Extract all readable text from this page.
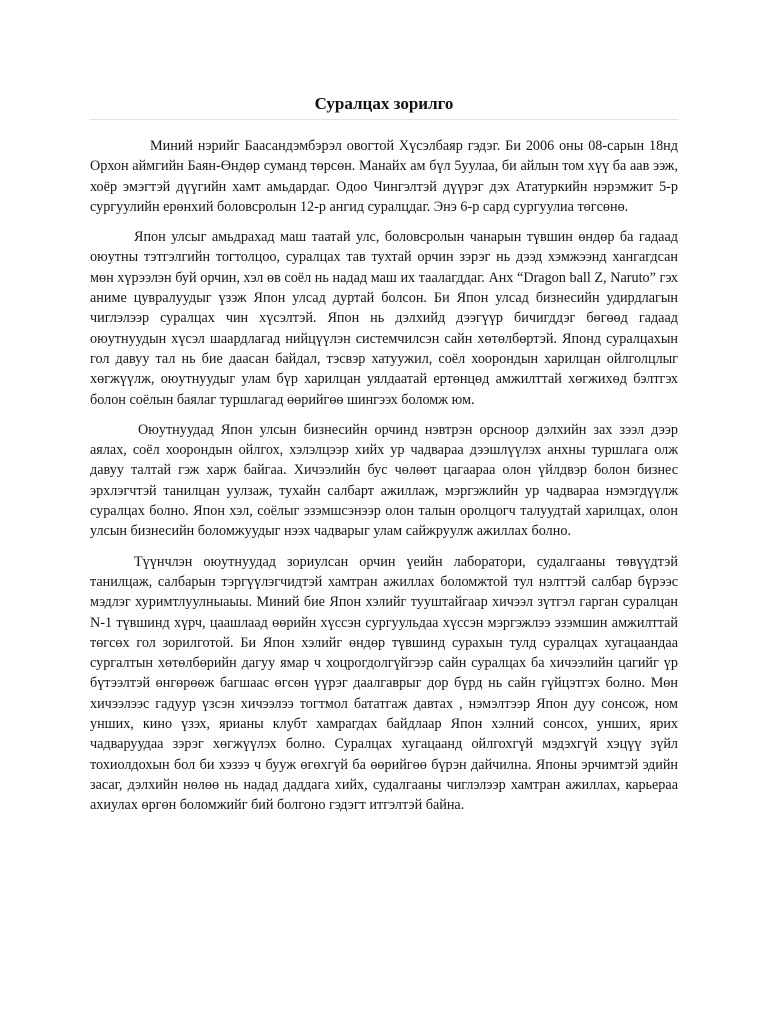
Суралцах зорилго

Миний нэрийг Баасандэмбэрэл овогтой Хүсэлбаяр гэдэг. Би 2006 оны 08-сарын 18нд Орхон аймгийн Баян-Өндөр суманд төрсөн. Манайх ам бүл 5уулаа, би айлын том хүү ба аав ээж, хоёр эмэгтэй дүүгийн хамт амьдардаг. Одоо Чингэлтэй дүүрэг дэх Ататуркийн нэрэмжит 5-р сургуулийн ерөнхий боловсролын 12-р ангид суралцдаг. Энэ 6-р сард сургуулиа төгсөнө.

Япон улсыг амьдрахад маш таатай улс, боловсролын чанарын түвшин өндөр ба гадаад оюутны тэтгэлгийн тогтолцоо, суралцах тав тухтай орчин зэрэг нь дээд хэмжээнд хангагдсан мөн хүрээлэн буй орчин, хэл өв соёл нь надад маш их таалагддаг. Анх “Dragon ball Z, Naruto” гэх аниме цувралуудыг үзэж Япон улсад дуртай болсон. Би Япон улсад бизнесийн удирдлагын чиглэлээр суралцах чин хүсэлтэй. Япон нь дэлхийд дээгүүр бичигддэг бөгөөд гадаад оюутнуудын хүсэл шаардлагад нийцүүлэн системчилсэн сайн хөтөлбөртэй. Японд суралцахын гол давуу тал нь бие даасан байдал, тэсвэр хатуужил, соёл хоорондын харилцан ойлголцлыг хөгжүүлж, оюутнуудыг улам бүр харилцан уялдаатай ертөнцөд амжилттай хөгжихөд бэлтгэх болон соёлын баялаг туршлагад өөрийгөө шингээх боломж юм.

Оюутнуудад Япон улсын бизнесийн орчинд нэвтрэн орсноор дэлхийн зах зээл дээр аялах, соёл хоорондын ойлгох, хэлэлцээр хийх ур чадвараа дээшлүүлэх анхны туршлага олж давуу талтай гэж харж байгаа. Хичээлийн бус чөлөөт цагаараа олон үйлдвэр болон бизнес эрхлэгчтэй танилцан уулзаж, тухайн салбарт ажиллаж, мэргэжлийн ур чадвараа нэмэгдүүлж суралцах болно. Япон хэл, соёлыг эзэмшсэнээр олон талын оролцогч талуудтай харилцах, олон улсын бизнесийн боломжуудыг нээх чадварыг улам сайжруулж ажиллах болно.

Түүнчлэн оюутнуудад зориулсан орчин үеийн лаборатори, судалгааны төвүүдтэй танилцаж, салбарын тэргүүлэгчидтэй хамтран ажиллах боломжтой тул нэлттэй салбар бүрээс мэдлэг хуримтлуулныаыы. Миний бие Япон хэлийг тууштайгаар хичээл зүтгэл гарган суралцан N-1 түвшинд хүрч, цаашлаад өөрийн хүссэн сургуульдаа хүссэн мэргэжлээ эзэмшин амжилттай төгсөх гол зорилготой. Би Япон хэлийг өндөр түвшинд сурахын тулд суралцах хугацаандаа сургалтын хөтөлбөрийн дагуу ямар ч хоцрогдолгүйгээр сайн суралцах ба хичээлийн цагийг үр бүтээлтэй өнгөрөөж багшаас өгсөн үүрэг даалгаврыг дор бүрд нь сайн гүйцэтгэх болно. Мөн хичээлээс гадуур үзсэн хичээлээ тогтмол бататгаж давтах , нэмэлтээр Япон дуу сонсож, ном унших, кино үзэх, ярианы клубт хамрагдах байдлаар Япон хэлний сонсох, унших, ярих чадваруудаа зэрэг хөгжүүлэх болно. Суралцах хугацаанд ойлгохгүй мэдэхгүй хэцүү зүйл тохиолдохын бол би хэзээ ч бууж өгөхгүй ба өөрийгөө бүрэн дайчилна. Японы эрчимтэй эдийн засаг, дэлхийн нөлөө нь надад даддага хийх, судалгааны чиглэлээр хамтран ажиллах, карьераа ахиулах өргөн боломжийг бий болгоно гэдэгт итгэлтэй байна.
